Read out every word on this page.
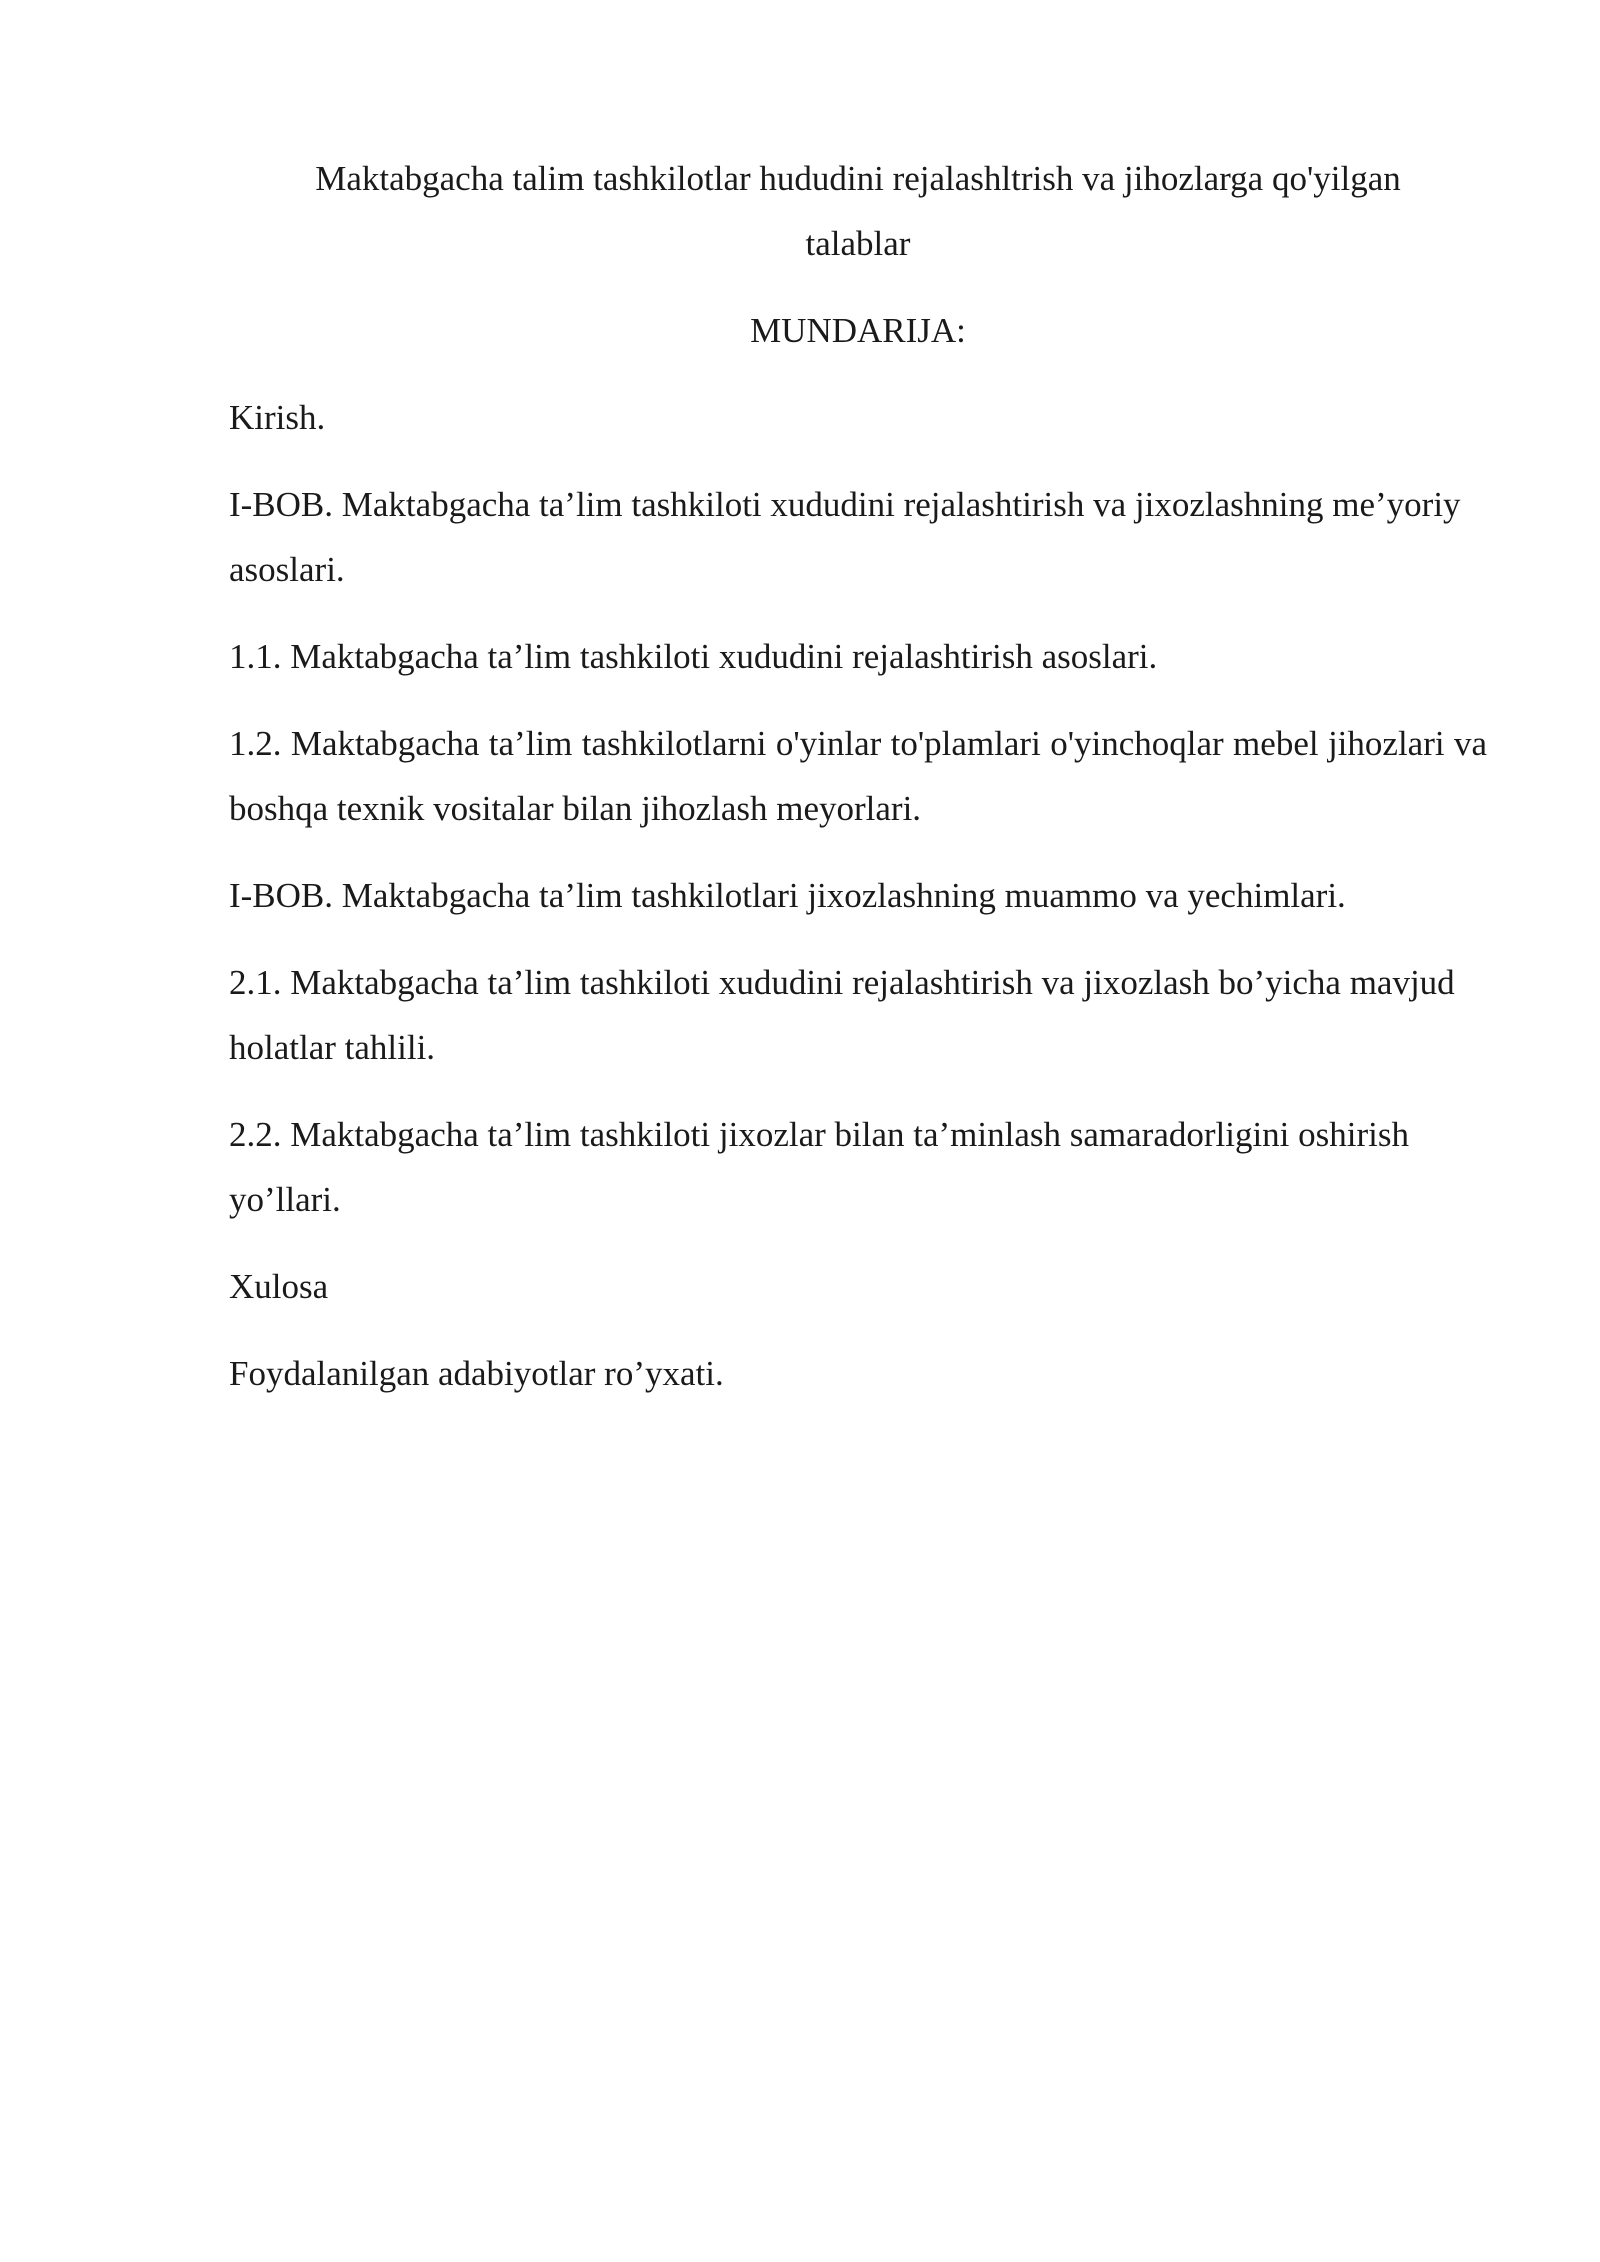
Maktabgacha talim tashkilotlar hududini rejalashltrish va jihozlarga qo'yilgan talablar

MUNDARIJA:

Kirish.
I-BOB. Maktabgacha ta’lim tashkiloti xududini rejalashtirish va jixozlashning me’yoriy asoslari.
1.1. Maktabgacha ta’lim tashkiloti xududini rejalashtirish asoslari.
1.2. Maktabgacha ta’lim tashkilotlarni o'yinlar to'plamlari o'yinchoqlar mebel jihozlari va boshqa texnik vositalar bilan jihozlash meyorlari.
I-BOB. Maktabgacha ta’lim tashkilotlari jixozlashning muammo va yechimlari.
2.1. Maktabgacha ta’lim tashkiloti xududini rejalashtirish va jixozlash bo’yicha mavjud holatlar tahlili.
2.2. Maktabgacha ta’lim tashkiloti jixozlar bilan ta’minlash samaradorligini oshirish yo’llari.
Xulosa
Foydalanilgan adabiyotlar ro’yxati.
